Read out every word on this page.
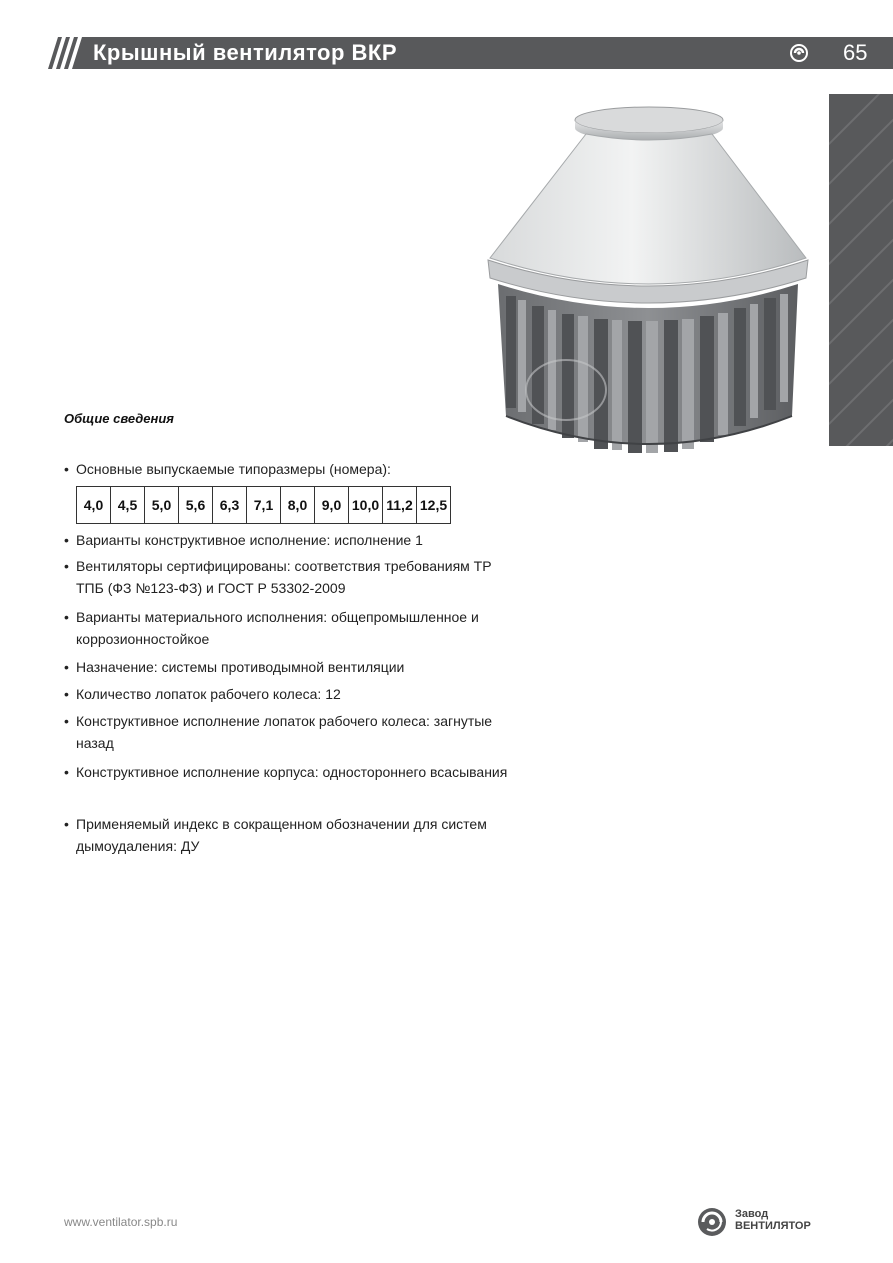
Крышный вентилятор ВКР	65
Противопожарная вентиляция
Общие сведения
• Основные выпускаемые типоразмеры (номера):
4,0	4,5	5,0	5,6	6,3	7,1	8,0	9,0	10,0	11,2	12,5
• Варианты конструктивное исполнение: исполнение 1
• Вентиляторы сертифицированы: соответствия требованиям ТР ТПБ (ФЗ №123-ФЗ) и ГОСТ Р 53302-2009
• Варианты материального исполнения: общепромышленное и коррозионностойкое
• Назначение: системы противодымной вентиляции
• Количество лопаток рабочего колеса: 12
• Конструктивное исполнение лопаток рабочего колеса: загнутые назад
• Конструктивное исполнение корпуса: одностороннего всасывания
• Применяемый индекс в сокращенном обозначении для систем дымоудаления: ДУ
www.ventilator.spb.ru
Завод
ВЕНТИЛЯТОР
